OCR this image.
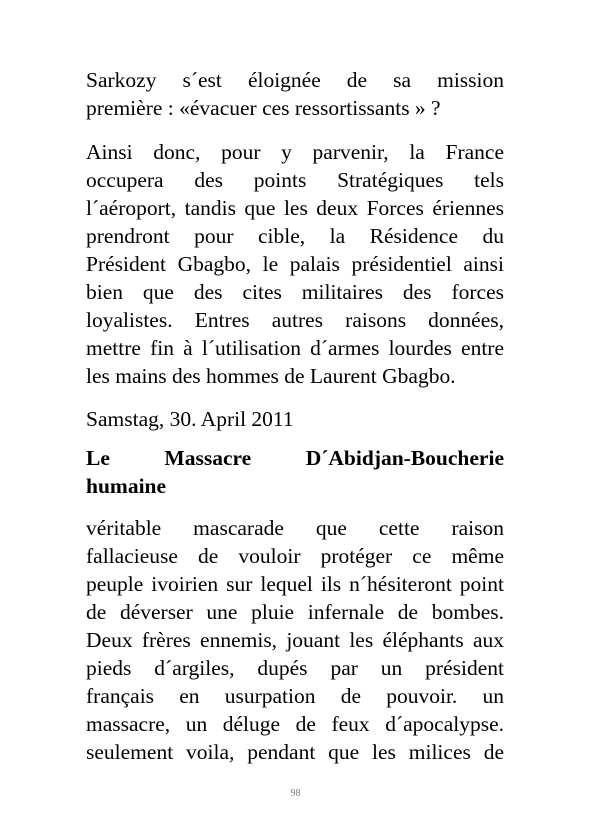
Sarkozy s´est éloignée de sa mission
première : «évacuer ces ressortissants » ?
Ainsi donc, pour y parvenir, la France
occupera des points Stratégiques tels
l´aéroport, tandis que les deux Forces ériennes
prendront pour cible, la Résidence du
Président Gbagbo, le palais présidentiel ainsi
bien que des cites militaires des forces
loyalistes. Entres autres raisons données,
mettre fin à l´utilisation d´armes lourdes entre
les mains des hommes de Laurent Gbagbo.
Samstag, 30. April 2011
Le Massacre D´Abidjan-Boucherie
humaine
véritable mascarade que cette raison
fallacieuse de vouloir protéger ce même
peuple ivoirien sur lequel ils n´hésiteront point
de déverser une pluie infernale de bombes.
Deux frères ennemis, jouant les éléphants aux
pieds d´argiles, dupés par un président
français en usurpation de pouvoir. un
massacre, un déluge de feux d´apocalypse.
seulement voila, pendant que les milices de
98
